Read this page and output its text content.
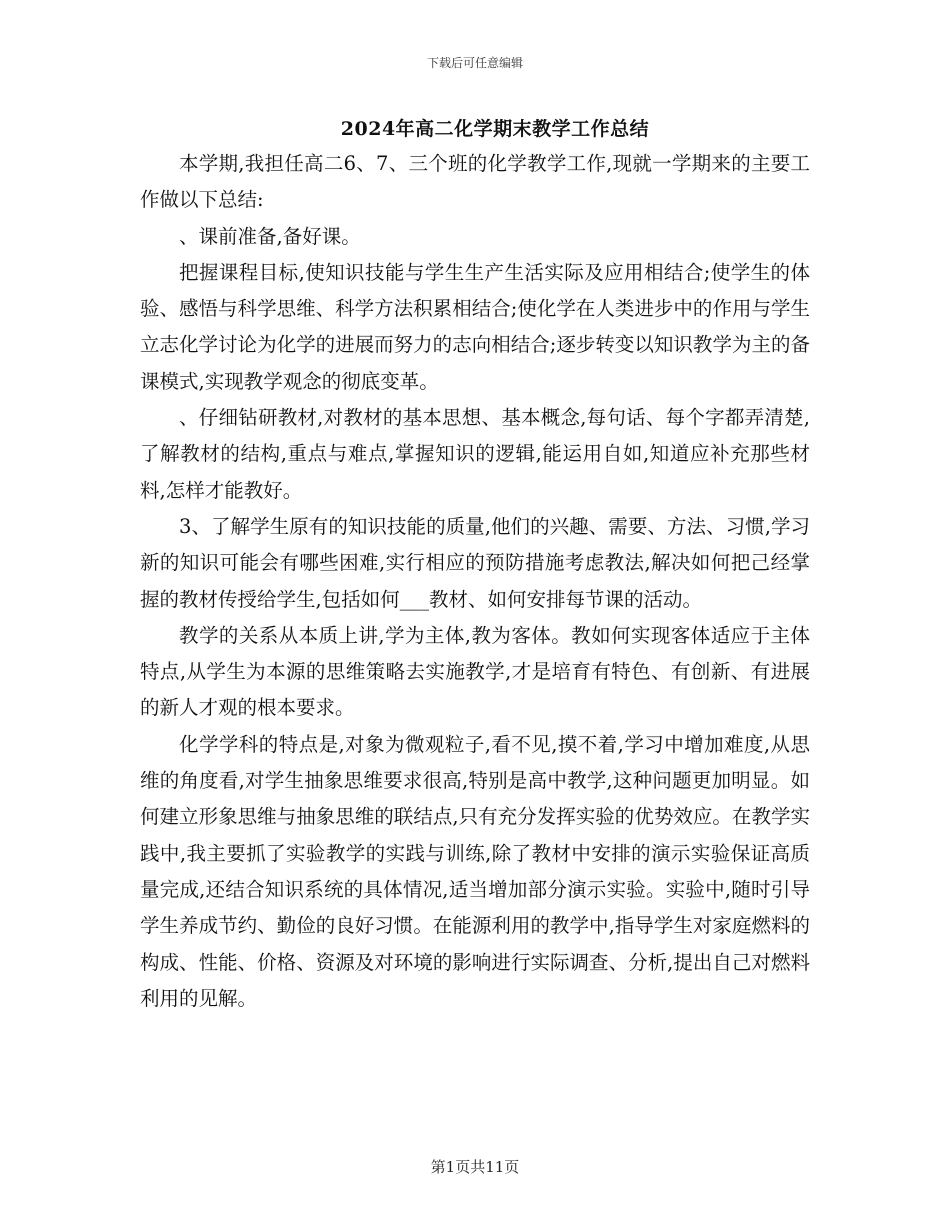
下载后可任意编辑
2024年高二化学期末教学工作总结

本学期,我担任高二6、7、三个班的化学教学工作,现就一学期来的主要工作做以下总结:

、课前准备,备好课。

把握课程目标,使知识技能与学生生产生活实际及应用相结合;使学生的体验、感悟与科学思维、科学方法积累相结合;使化学在人类进步中的作用与学生立志化学讨论为化学的进展而努力的志向相结合;逐步转变以知识教学为主的备课模式,实现教学观念的彻底变革。

、仔细钻研教材,对教材的基本思想、基本概念,每句话、每个字都弄清楚,了解教材的结构,重点与难点,掌握知识的逻辑,能运用自如,知道应补充那些材料,怎样才能教好。

3、了解学生原有的知识技能的质量,他们的兴趣、需要、方法、习惯,学习新的知识可能会有哪些困难,实行相应的预防措施考虑教法,解决如何把己经掌握的教材传授给学生,包括如何___教材、如何安排每节课的活动。

教学的关系从本质上讲,学为主体,教为客体。教如何实现客体适应于主体特点,从学生为本源的思维策略去实施教学,才是培育有特色、有创新、有进展的新人才观的根本要求。

化学学科的特点是,对象为微观粒子,看不见,摸不着,学习中增加难度,从思维的角度看,对学生抽象思维要求很高,特别是高中教学,这种问题更加明显。如何建立形象思维与抽象思维的联结点,只有充分发挥实验的优势效应。在教学实践中,我主要抓了实验教学的实践与训练,除了教材中安排的演示实验保证高质量完成,还结合知识系统的具体情况,适当增加部分演示实验。实验中,随时引导学生养成节约、勤俭的良好习惯。在能源利用的教学中,指导学生对家庭燃料的构成、性能、价格、资源及对环境的影响进行实际调查、分析,提出自己对燃料利用的见解。

第1页共11页
